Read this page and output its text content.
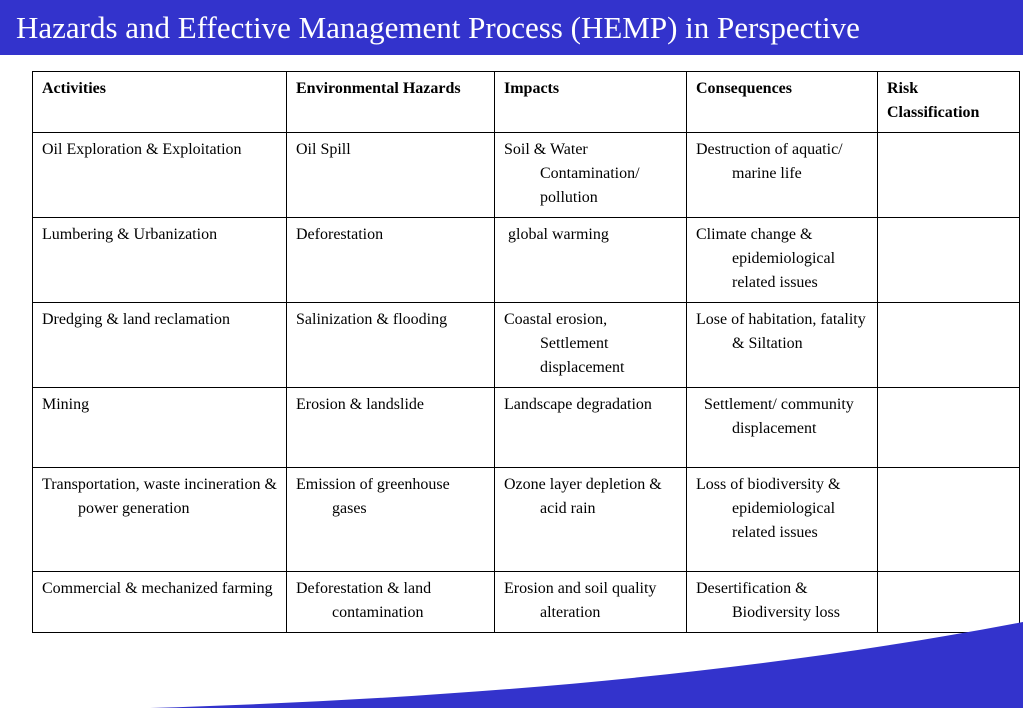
Hazards and Effective Management Process (HEMP) in Perspective
Activities	Environmental Hazards	Impacts	Consequences	Risk Classification

Oil Exploration & Exploitation	Oil Spill	Soil & Water Contamination/ pollution	Destruction of aquatic/ marine life	

Lumbering & Urbanization	Deforestation	global warming	Climate change & epidemiological related issues	

Dredging & land reclamation	Salinization & flooding	Coastal erosion, Settlement displacement	Lose of habitation, fatality & Siltation	

Mining	Erosion & landslide	Landscape degradation	Settlement/ community displacement	

Transportation, waste incineration & power generation	Emission of greenhouse gases	Ozone layer depletion & acid rain	Loss of biodiversity & epidemiological related issues	

Commercial & mechanized farming	Deforestation & land contamination	Erosion and soil quality alteration	Desertification & Biodiversity loss	
